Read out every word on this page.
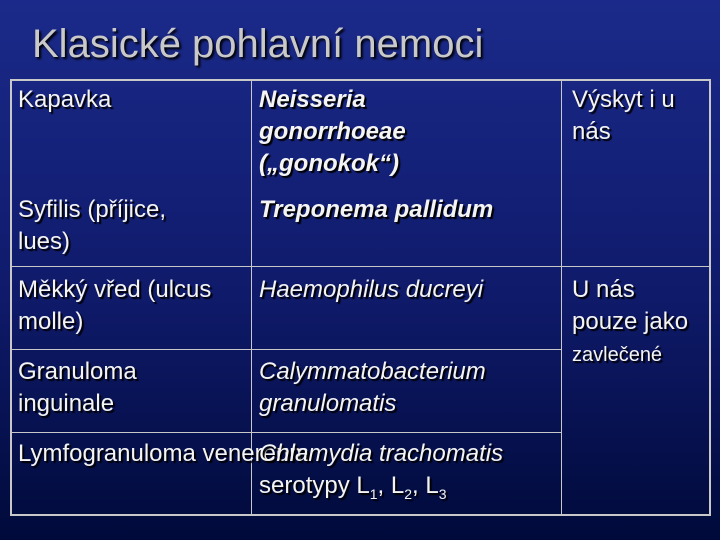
Klasické pohlavní nemoci
Kapavka
Syfilis (příjice, lues)
Měkký vřed (ulcus molle)
Granuloma inguinale
Lymfogranuloma venereum
Neisseria gonorrhoeae („gonokok“)
Treponema pallidum
Haemophilus ducreyi
Calymmatobacterium granulomatis
Chlamydia trachomatis
serotypy $L_1$, $L_2$, $L_3$
Výskyt i u nás
U nás pouze jako
zavlečené
